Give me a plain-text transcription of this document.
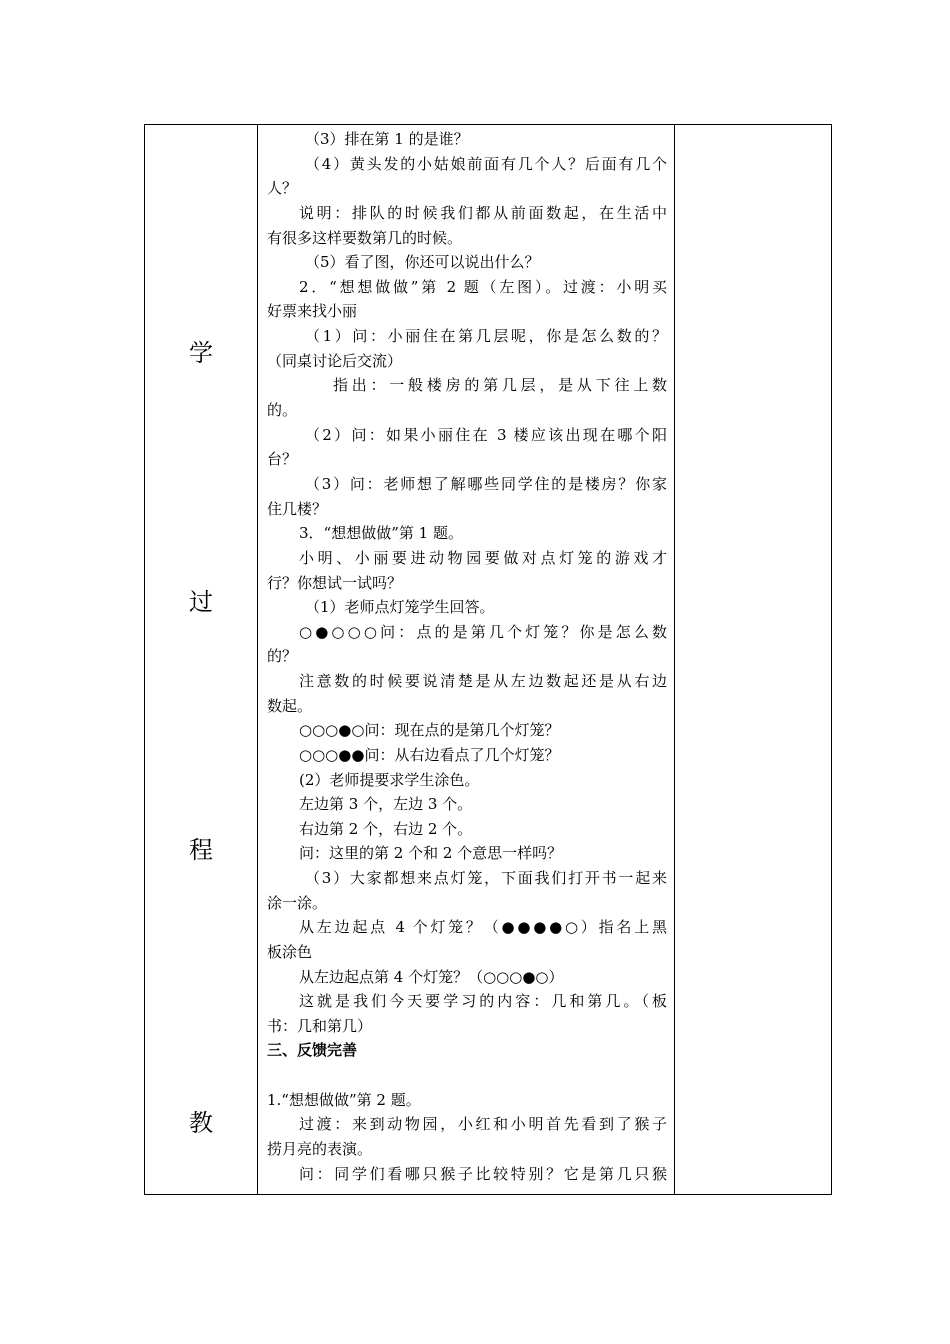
学
过
程
教
（3）排在第 1 的是谁？
（4）黄头发的小姑娘前面有几个人？后面有几个
人？
说明：排队的时候我们都从前面数起，在生活中
有很多这样要数第几的时候。
（5）看了图，你还可以说出什么？
2．“想想做做”第 2 题（左图）。过渡：小明买
好票来找小丽
（1）问：小丽住在第几层呢，你是怎么数的？
（同桌讨论后交流）
指出：一般楼房的第几层，是从下往上数
的。
（2）问：如果小丽住在 3 楼应该出现在哪个阳
台？
（3）问：老师想了解哪些同学住的是楼房？你家
住几楼？
3．“想想做做”第 1 题。
小明、小丽要进动物园要做对点灯笼的游戏才
行？你想试一试吗？
（1）老师点灯笼学生回答。
○●○○○问：点的是第几个灯笼？你是怎么数
的？
注意数的时候要说清楚是从左边数起还是从右边
数起。
○○○●○问：现在点的是第几个灯笼？
○○○●●问：从右边看点了几个灯笼？
(2）老师提要求学生涂色。
左边第 3 个，左边 3 个。
右边第 2 个，右边 2 个。
问：这里的第 2 个和 2 个意思一样吗？
（3）大家都想来点灯笼，下面我们打开书一起来
涂一涂。
从左边起点 4 个灯笼？（●●●●○）指名上黑
板涂色
从左边起点第 4 个灯笼？（○○○●○）
这就是我们今天要学习的内容：几和第几。（板
书：几和第几）
三、反馈完善
1.“想想做做”第 2 题。
过渡：来到动物园，小红和小明首先看到了猴子
捞月亮的表演。
问：同学们看哪只猴子比较特别？它是第几只猴
